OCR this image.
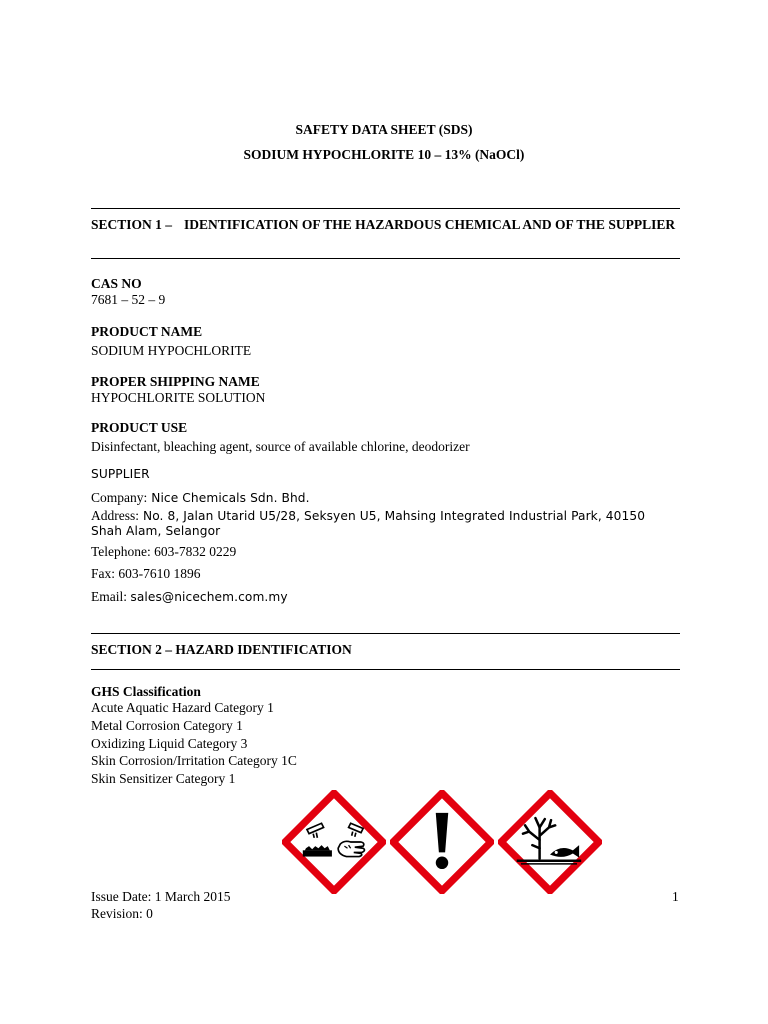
SAFETY DATA SHEET (SDS)
SODIUM HYPOCHLORITE 10 – 13% (NaOCl)
SECTION 1 – IDENTIFICATION OF THE HAZARDOUS CHEMICAL AND OF THE SUPPLIER
CAS NO
7681 – 52 – 9
PRODUCT NAME
SODIUM HYPOCHLORITE
PROPER SHIPPING NAME
HYPOCHLORITE SOLUTION
PRODUCT USE
Disinfectant, bleaching agent, source of available chlorine, deodorizer
SUPPLIER
Company: Nice Chemicals Sdn. Bhd.
Address: No. 8, Jalan Utarid U5/28, Seksyen U5, Mahsing Integrated Industrial Park, 40150 Shah Alam, Selangor
Telephone: 603-7832 0229
Fax: 603-7610 1896
Email: sales@nicechem.com.my
SECTION 2 – HAZARD IDENTIFICATION
GHS Classification
Acute Aquatic Hazard Category 1
Metal Corrosion Category 1
Oxidizing Liquid Category 3
Skin Corrosion/Irritation Category 1C
Skin Sensitizer Category 1
Issue Date: 1 March 2015
Revision: 0
1
